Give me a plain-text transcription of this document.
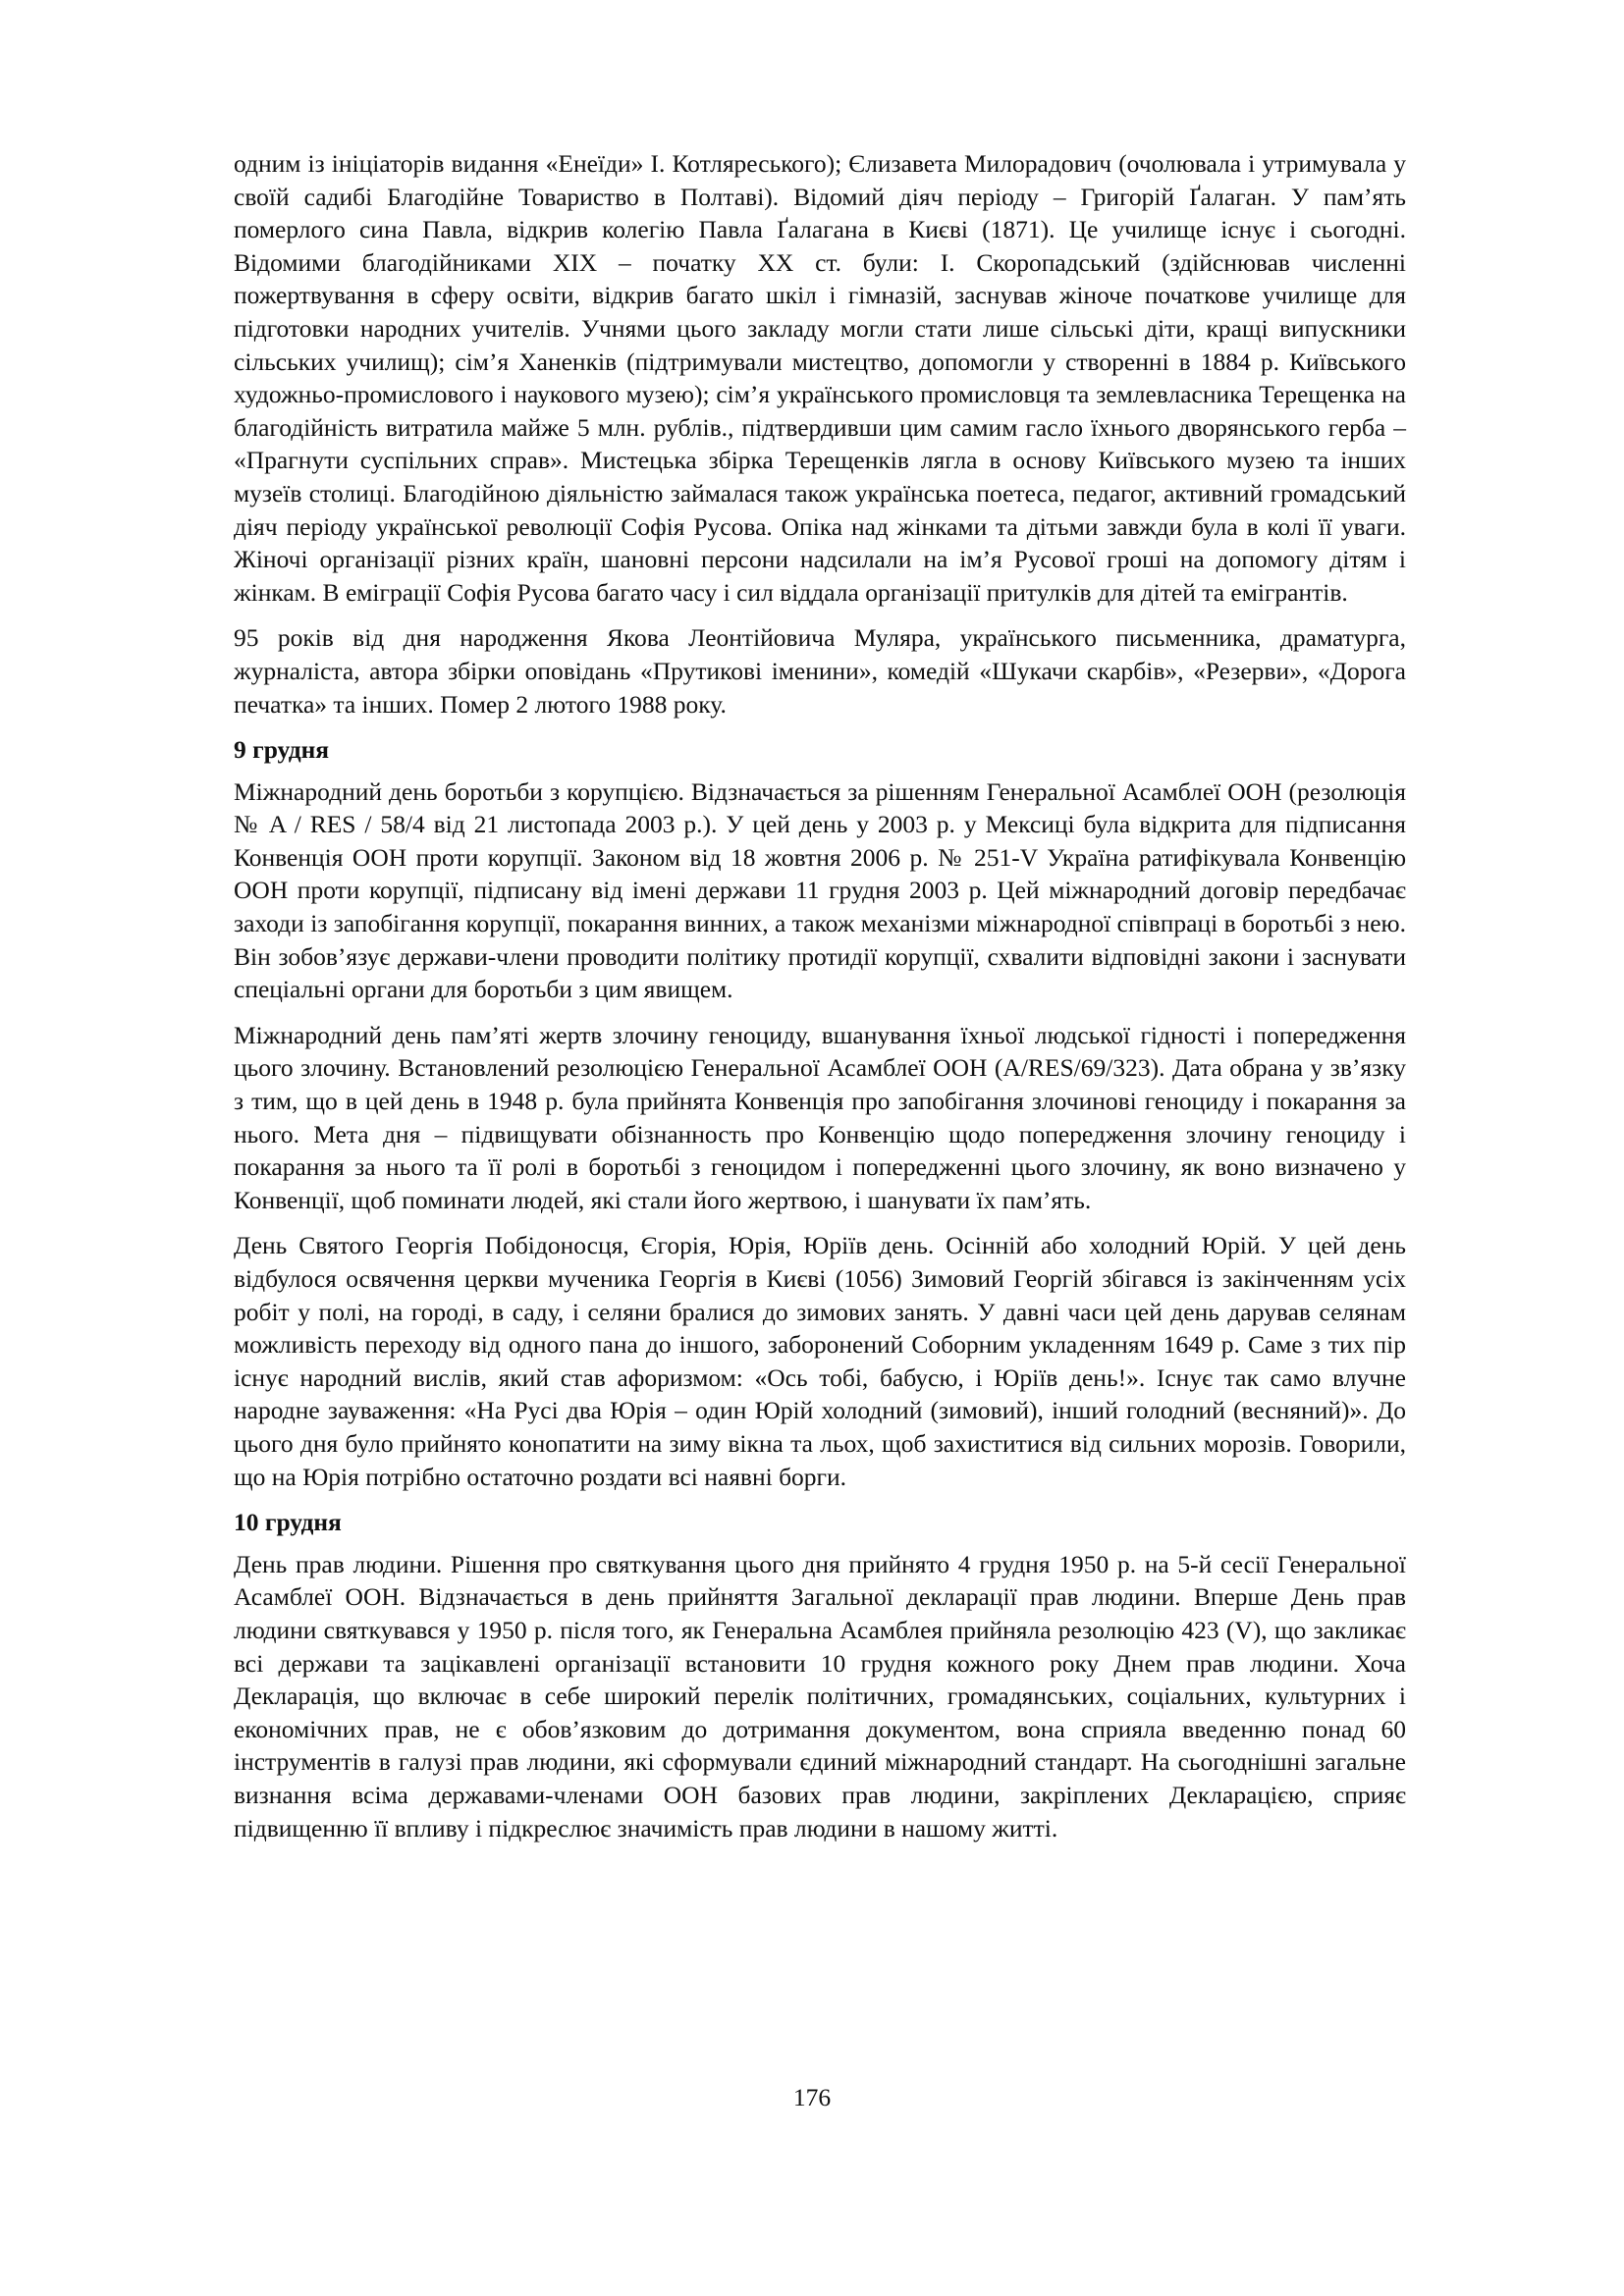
одним із ініціаторів видання «Енеїди» І. Котляреського); Єлизавета Милорадович (очолювала і утримувала у своїй садибі Благодійне Товариство в Полтаві). Відомий діяч періоду – Григорій Ґалаган. У пам’ять померлого сина Павла, відкрив колегію Павла Ґалагана в Києві (1871). Це училище існує і сьогодні. Відомими благодійниками ХІХ – початку ХХ ст. були: І. Скоропадський (здійснював численні пожертвування в сферу освіти, відкрив багато шкіл і гімназій, заснував жіноче початкове училище для підготовки народних учителів. Учнями цього закладу могли стати лише сільські діти, кращі випускники сільських училищ); сім’я Ханенків (підтримували мистецтво, допомогли у створенні в 1884 р. Київського художньо-промислового і наукового музею); сім’я українського промисловця та землевласника Терещенка на благодійність витратила майже 5 млн. рублів., підтвердивши цим самим гасло їхнього дворянського герба – «Прагнути суспільних справ». Мистецька збірка Терещенків лягла в основу Київського музею та інших музеїв столиці. Благодійною діяльністю займалася також українська поетеса, педагог, активний громадський діяч періоду української революції Софія Русова. Опіка над жінками та дітьми завжди була в колі її уваги. Жіночі організації різних країн, шановні персони надсилали на ім’я Русової гроші на допомогу дітям і жінкам. В еміграції Софія Русова багато часу і сил віддала організації притулків для дітей та емігрантів.

95 років від дня народження Якова Леонтійовича Муляра, українського письменника, драматурга, журналіста, автора збірки оповідань «Прутикові іменини», комедій «Шукачи скарбів», «Резерви», «Дорога печатка» та інших. Помер 2 лютого 1988 року.

9 грудня

Міжнародний день боротьби з корупцією. Відзначається за рішенням Генеральної Асамблеї ООН (резолюція № A / RES / 58/4 від 21 листопада 2003 р.). У цей день у 2003 р. у Мексиці була відкрита для підписання Конвенція ООН проти корупції. Законом від 18 жовтня 2006 р. № 251-V Україна ратифікувала Конвенцію ООН проти корупції, підписану від імені держави 11 грудня 2003 р. Цей міжнародний договір передбачає заходи із запобігання корупції, покарання винних, а також механізми міжнародної співпраці в боротьбі з нею. Він зобов’язує держави-члени проводити політику протидії корупції, схвалити відповідні закони і заснувати спеціальні органи для боротьби з цим явищем.

Міжнародний день пам’яті жертв злочину геноциду, вшанування їхньої людської гідності і попередження цього злочину. Встановлений резолюцією Генеральної Асамблеї ООН (A/RES/69/323). Дата обрана у зв’язку з тим, що в цей день в 1948 р. була прийнята Конвенція про запобігання злочинові геноциду і покарання за нього. Мета дня – підвищувати обізнанность про Конвенцію щодо попередження злочину геноциду і покарання за нього та її ролі в боротьбі з геноцидом і попередженні цього злочину, як воно визначено у Конвенції, щоб поминати людей, які стали його жертвою, і шанувати їх пам’ять.

День Святого Георгія Побідоносця, Єгорія, Юрія, Юріїв день. Осінній або холодний Юрій. У цей день відбулося освячення церкви мученика Георгія в Києві (1056) Зимовий Георгій збігався із закінченням усіх робіт у полі, на городі, в саду, і селяни бралися до зимових занять. У давні часи цей день дарував селянам можливість переходу від одного пана до іншого, заборонений Соборним укладенням 1649 р. Саме з тих пір існує народний вислів, який став афоризмом: «Ось тобі, бабусю, і Юріїв день!». Існує так само влучне народне зауваження: «На Русі два Юрія – один Юрій холодний (зимовий), інший голодний (весняний)». До цього дня було прийнято конопатити на зиму вікна та льох, щоб захиститися від сильних морозів. Говорили, що на Юрія потрібно остаточно роздати всі наявні борги.

10 грудня

День прав людини. Рішення про святкування цього дня прийнято 4 грудня 1950 р. на 5-й сесії Генеральної Асамблеї ООН. Відзначається в день прийняття Загальної декларації прав людини. Вперше День прав людини святкувався у 1950 р. після того, як Генеральна Асамблея прийняла резолюцію 423 (V), що закликає всі держави та зацікавлені організації встановити 10 грудня кожного року Днем прав людини. Хоча Декларація, що включає в себе широкий перелік політичних, громадянських, соціальних, культурних і економічних прав, не є обов’язковим до дотримання документом, вона сприяла введенню понад 60 інструментів в галузі прав людини, які сформували єдиний міжнародний стандарт. На сьогоднішні загальне визнання всіма державами-членами ООН базових прав людини, закріплених Декларацією, сприяє підвищенню її впливу і підкреслює значимість прав людини в нашому житті.

176
